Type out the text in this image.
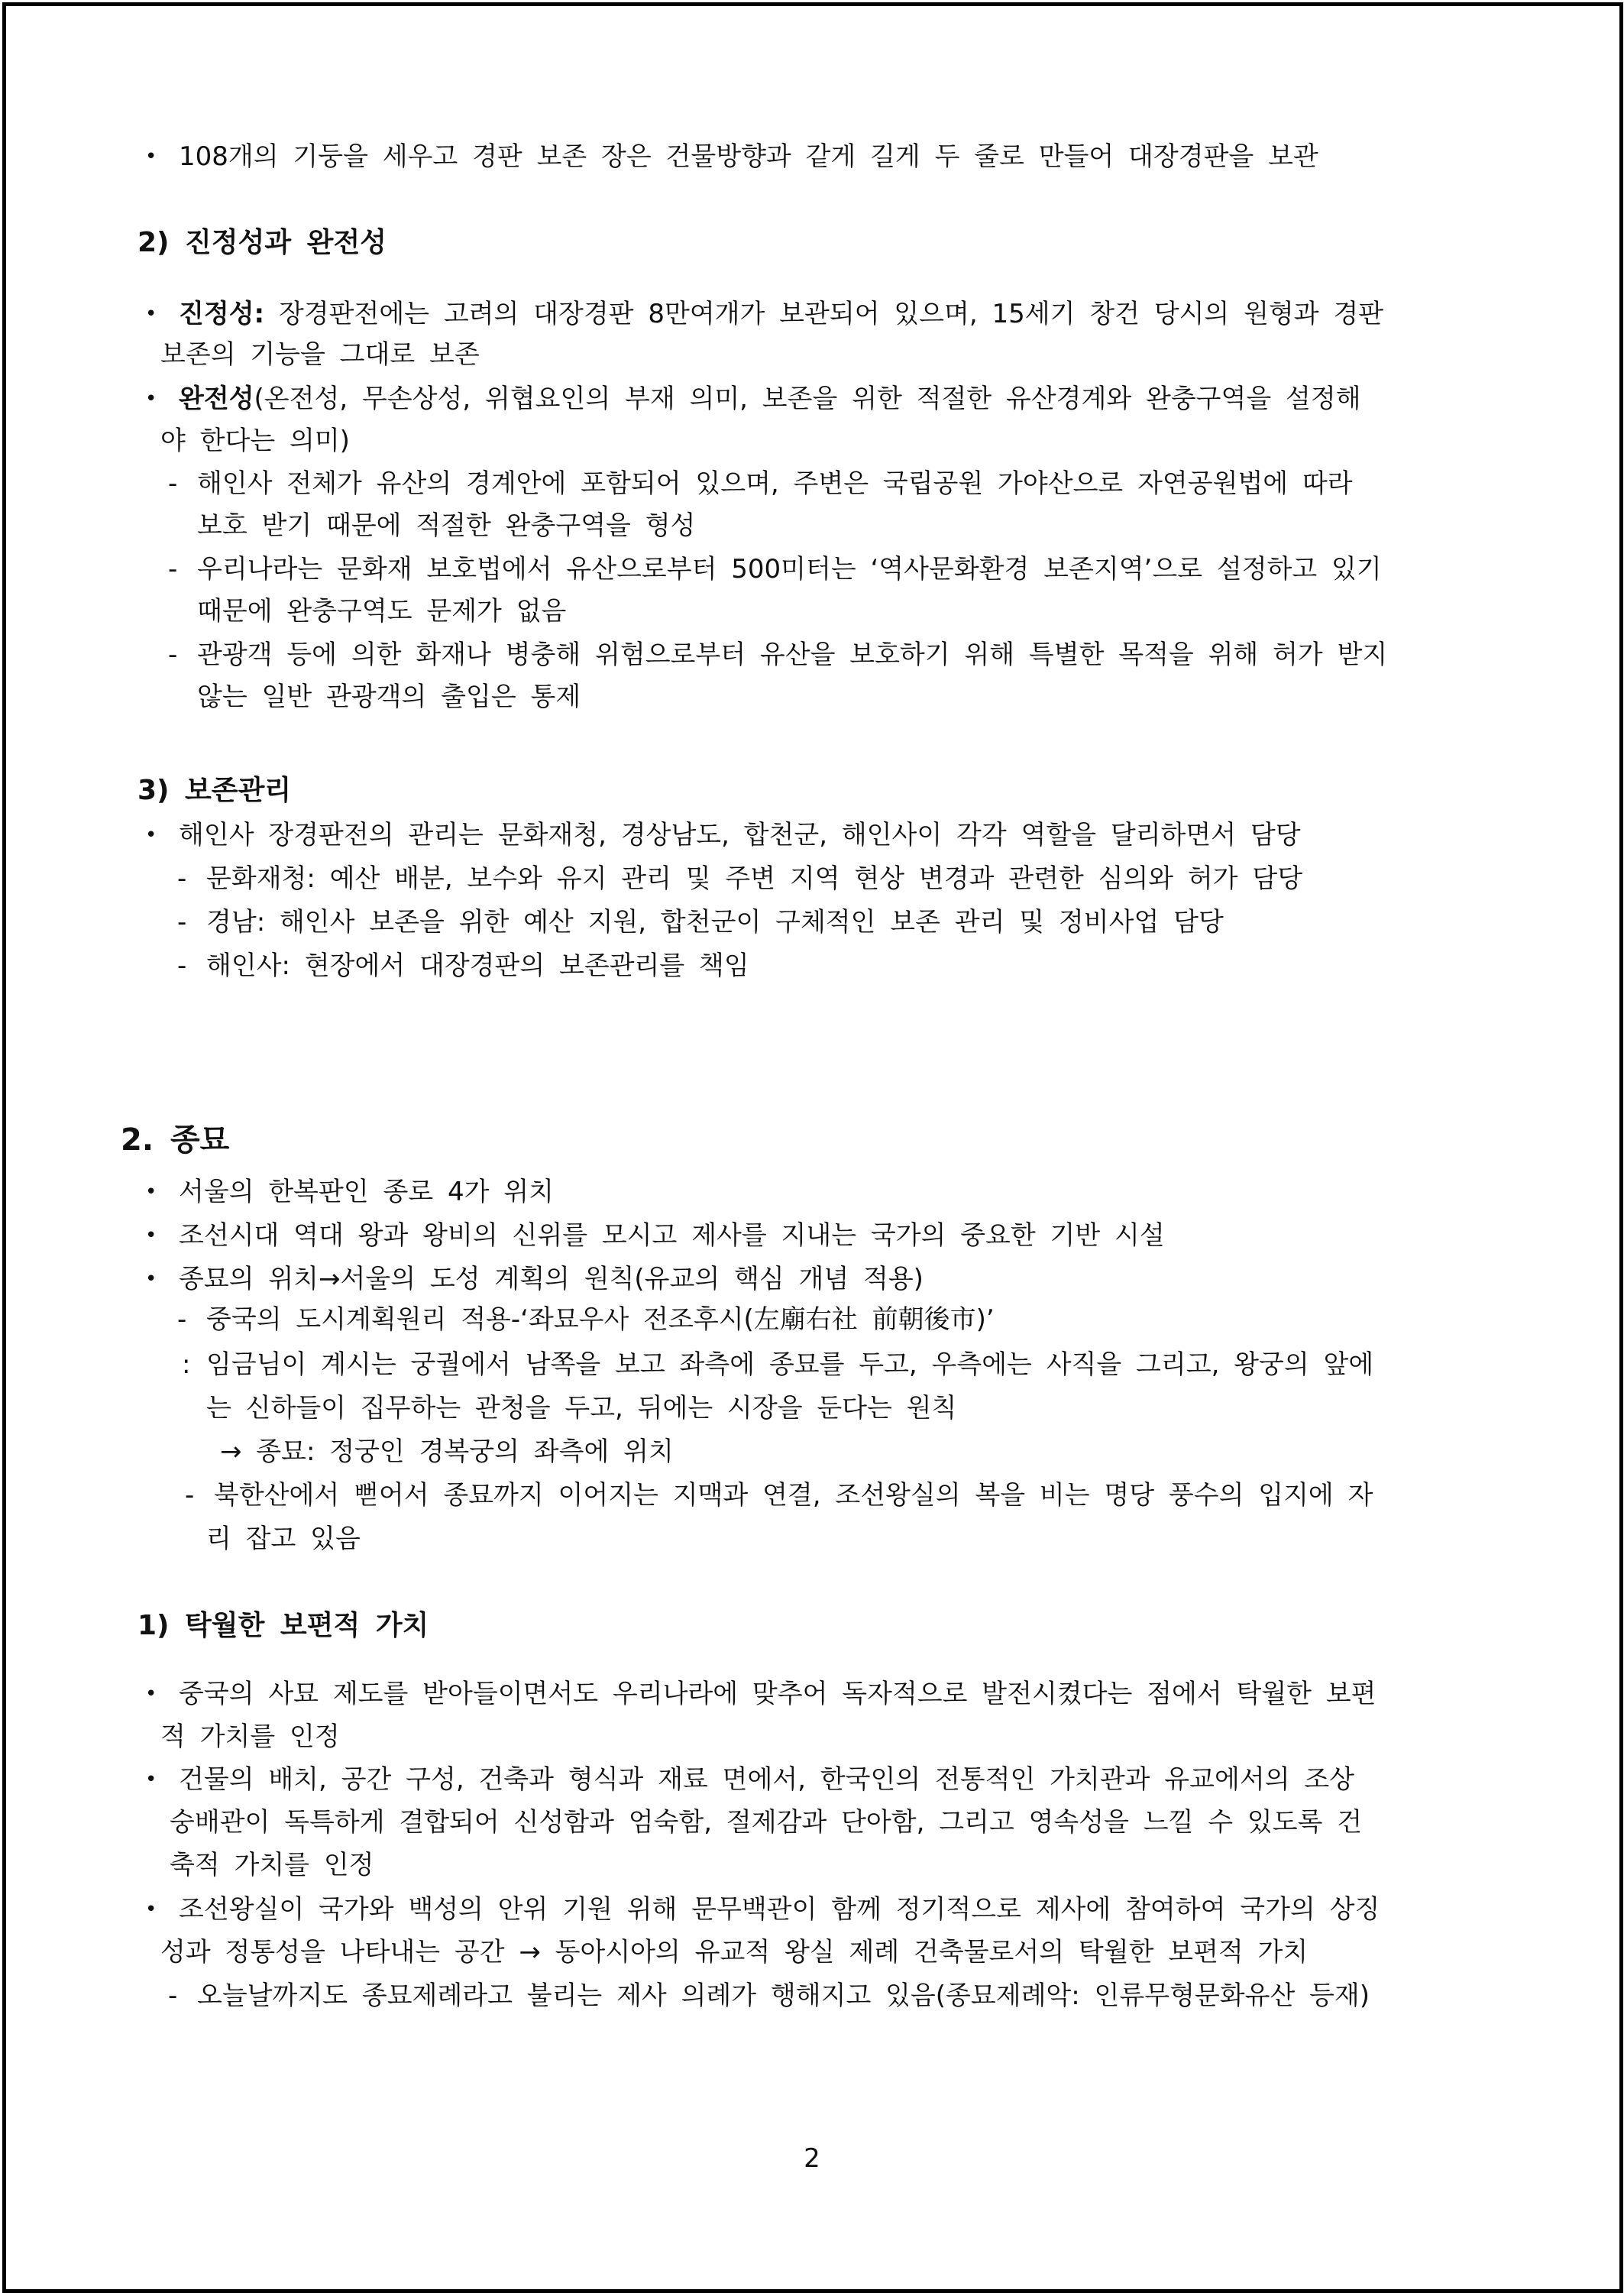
• 108개의 기둥을 세우고 경판 보존 장은 건물방향과 같게 길게 두 줄로 만들어 대장경판을 보관
2) 진정성과 완전성
• 진정성: 장경판전에는 고려의 대장경판 8만여개가 보관되어 있으며, 15세기 창건 당시의 원형과 경판
보존의 기능을 그대로 보존
• 완전성(온전성, 무손상성, 위협요인의 부재 의미, 보존을 위한 적절한 유산경계와 완충구역을 설정해
야 한다는 의미)
- 해인사 전체가 유산의 경계안에 포함되어 있으며, 주변은 국립공원 가야산으로 자연공원법에 따라
보호 받기 때문에 적절한 완충구역을 형성
- 우리나라는 문화재 보호법에서 유산으로부터 500미터는 ‘역사문화환경 보존지역’으로 설정하고 있기
때문에 완충구역도 문제가 없음
- 관광객 등에 의한 화재나 병충해 위험으로부터 유산을 보호하기 위해 특별한 목적을 위해 허가 받지
않는 일반 관광객의 출입은 통제
3) 보존관리
• 해인사 장경판전의 관리는 문화재청, 경상남도, 합천군, 해인사이 각각 역할을 달리하면서 담당
- 문화재청: 예산 배분, 보수와 유지 관리 및 주변 지역 현상 변경과 관련한 심의와 허가 담당
- 경남: 해인사 보존을 위한 예산 지원, 합천군이 구체적인 보존 관리 및 정비사업 담당
- 해인사: 현장에서 대장경판의 보존관리를 책임
2. 종묘
• 서울의 한복판인 종로 4가 위치
• 조선시대 역대 왕과 왕비의 신위를 모시고 제사를 지내는 국가의 중요한 기반 시설
• 종묘의 위치→서울의 도성 계획의 원칙(유교의 핵심 개념 적용)
- 중국의 도시계획원리 적용-‘좌묘우사 전조후시(左廟右社 前朝後市)’
: 임금님이 계시는 궁궐에서 남쪽을 보고 좌측에 종묘를 두고, 우측에는 사직을 그리고, 왕궁의 앞에
는 신하들이 집무하는 관청을 두고, 뒤에는 시장을 둔다는 원칙
→ 종묘: 정궁인 경복궁의 좌측에 위치
- 북한산에서 뻗어서 종묘까지 이어지는 지맥과 연결, 조선왕실의 복을 비는 명당 풍수의 입지에 자
리 잡고 있음
1) 탁월한 보편적 가치
• 중국의 사묘 제도를 받아들이면서도 우리나라에 맞추어 독자적으로 발전시켰다는 점에서 탁월한 보편
적 가치를 인정
• 건물의 배치, 공간 구성, 건축과 형식과 재료 면에서, 한국인의 전통적인 가치관과 유교에서의 조상
숭배관이 독특하게 결합되어 신성함과 엄숙함, 절제감과 단아함, 그리고 영속성을 느낄 수 있도록 건
축적 가치를 인정
• 조선왕실이 국가와 백성의 안위 기원 위해 문무백관이 함께 정기적으로 제사에 참여하여 국가의 상징
성과 정통성을 나타내는 공간 → 동아시아의 유교적 왕실 제례 건축물로서의 탁월한 보편적 가치
- 오늘날까지도 종묘제례라고 불리는 제사 의례가 행해지고 있음(종묘제례악: 인류무형문화유산 등재)
2
